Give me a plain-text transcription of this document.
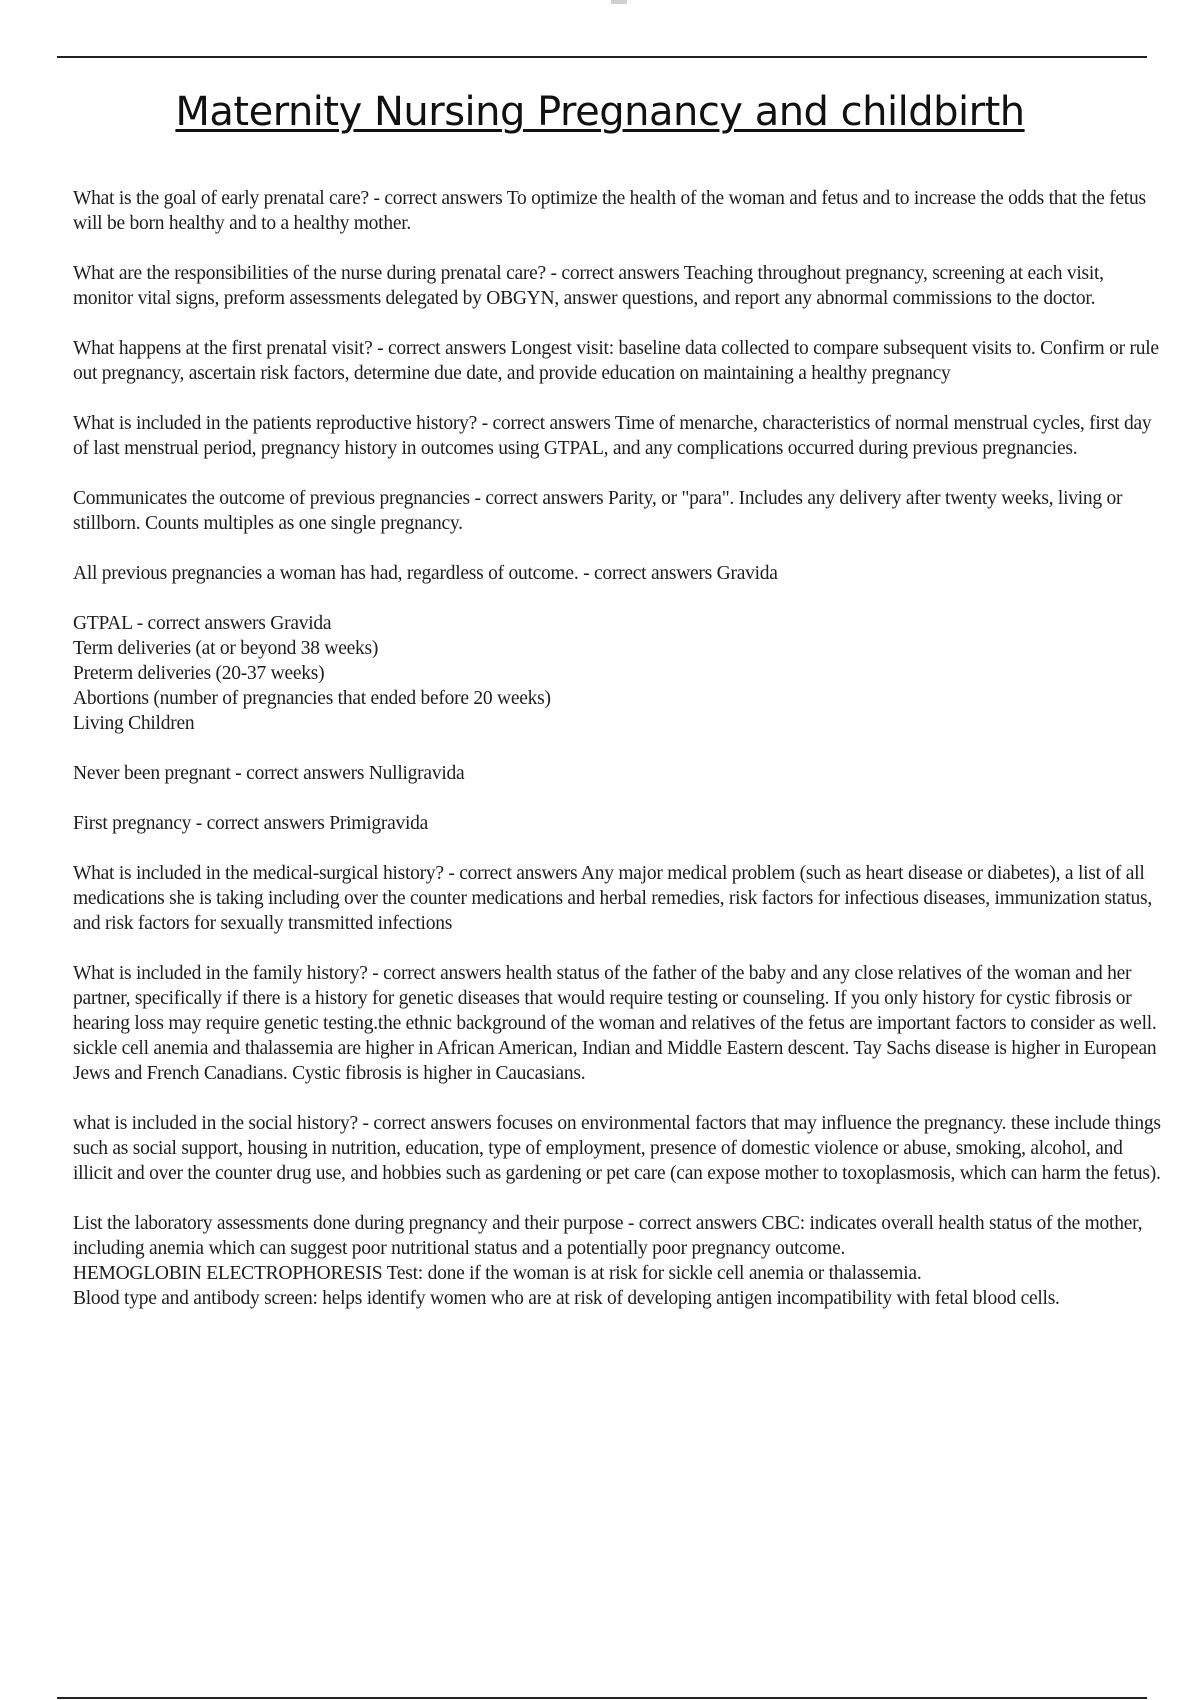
Maternity Nursing Pregnancy and childbirth

What is the goal of early prenatal care? - correct answers To optimize the health of the woman and fetus and to increase the odds that the fetus will be born healthy and to a healthy mother.

What are the responsibilities of the nurse during prenatal care? - correct answers Teaching throughout pregnancy, screening at each visit, monitor vital signs, preform assessments delegated by OBGYN, answer questions, and report any abnormal commissions to the doctor.

What happens at the first prenatal visit? - correct answers Longest visit: baseline data collected to compare subsequent visits to. Confirm or rule out pregnancy, ascertain risk factors, determine due date, and provide education on maintaining a healthy pregnancy

What is included in the patients reproductive history? - correct answers Time of menarche, characteristics of normal menstrual cycles, first day of last menstrual period, pregnancy history in outcomes using GTPAL, and any complications occurred during previous pregnancies.

Communicates the outcome of previous pregnancies - correct answers Parity, or "para". Includes any delivery after twenty weeks, living or stillborn. Counts multiples as one single pregnancy.

All previous pregnancies a woman has had, regardless of outcome. - correct answers Gravida

GTPAL - correct answers Gravida
Term deliveries (at or beyond 38 weeks)
Preterm deliveries (20-37 weeks)
Abortions (number of pregnancies that ended before 20 weeks)
Living Children

Never been pregnant - correct answers Nulligravida

First pregnancy - correct answers Primigravida

What is included in the medical-surgical history? - correct answers Any major medical problem (such as heart disease or diabetes), a list of all medications she is taking including over the counter medications and herbal remedies, risk factors for infectious diseases, immunization status, and risk factors for sexually transmitted infections

What is included in the family history? - correct answers health status of the father of the baby and any close relatives of the woman and her partner, specifically if there is a history for genetic diseases that would require testing or counseling. If you only history for cystic fibrosis or hearing loss may require genetic testing.the ethnic background of the woman and relatives of the fetus are important factors to consider as well. sickle cell anemia and thalassemia are higher in African American, Indian and Middle Eastern descent. Tay Sachs disease is higher in European Jews and French Canadians. Cystic fibrosis is higher in Caucasians.

what is included in the social history? - correct answers focuses on environmental factors that may influence the pregnancy. these include things such as social support, housing in nutrition, education, type of employment, presence of domestic violence or abuse, smoking, alcohol, and illicit and over the counter drug use, and hobbies such as gardening or pet care (can expose mother to toxoplasmosis, which can harm the fetus).

List the laboratory assessments done during pregnancy and their purpose - correct answers CBC: indicates overall health status of the mother, including anemia which can suggest poor nutritional status and a potentially poor pregnancy outcome.
HEMOGLOBIN ELECTROPHORESIS Test: done if the woman is at risk for sickle cell anemia or thalassemia.
Blood type and antibody screen: helps identify women who are at risk of developing antigen incompatibility with fetal blood cells.
